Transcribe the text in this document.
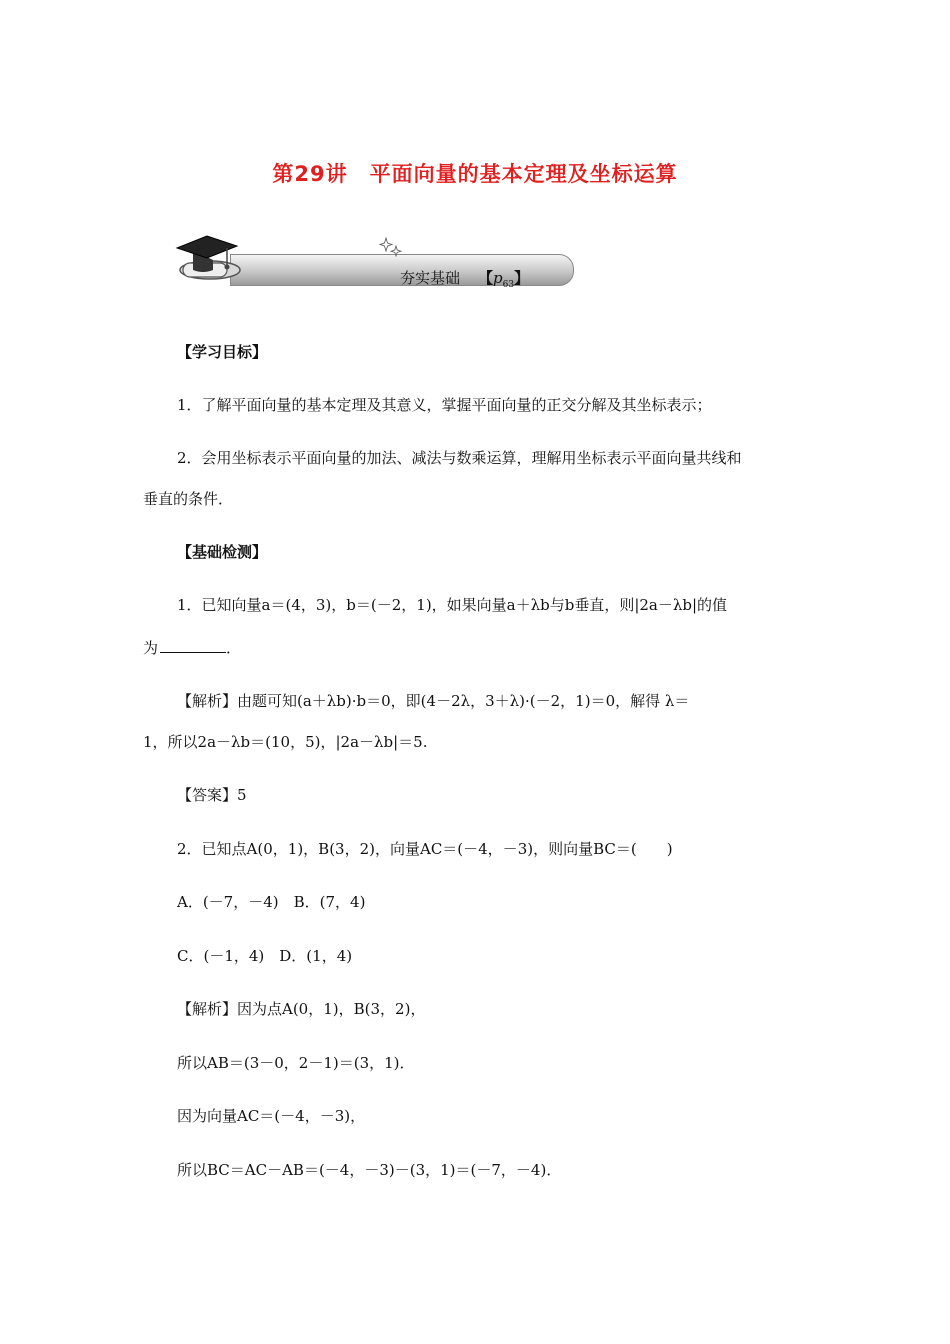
第29讲　平面向量的基本定理及坐标运算
夯实基础 【$p_{63}$】
【学习目标】
1．了解平面向量的基本定理及其意义，掌握平面向量的正交分解及其坐标表示；
2．会用坐标表示平面向量的加法、减法与数乘运算，理解用坐标表示平面向量共线和
垂直的条件．
【基础检测】
1．已知向量a＝(4，3)，b＝(－2，1)，如果向量a＋λb与b垂直，则|2a－λb|的值
为	．
【解析】由题可知(a＋λb)·b＝0，即(4－2λ，3＋λ)·(－2，1)＝0，解得 λ＝
1，所以2a－λb＝(10，5)，|2a－λb|＝5.
【答案】5
2．已知点A(0，1)，B(3，2)，向量AC＝(－4，－3)，则向量BC＝(　　)
A．(－7，－4)　B．(7，4)
C．(－1，4)　D．(1，4)
【解析】因为点A(0，1)，B(3，2)，
所以AB＝(3－0，2－1)＝(3，1)．
因为向量AC＝(－4，－3)，
所以BC＝AC－AB＝(－4，－3)－(3，1)＝(－7，－4)．
